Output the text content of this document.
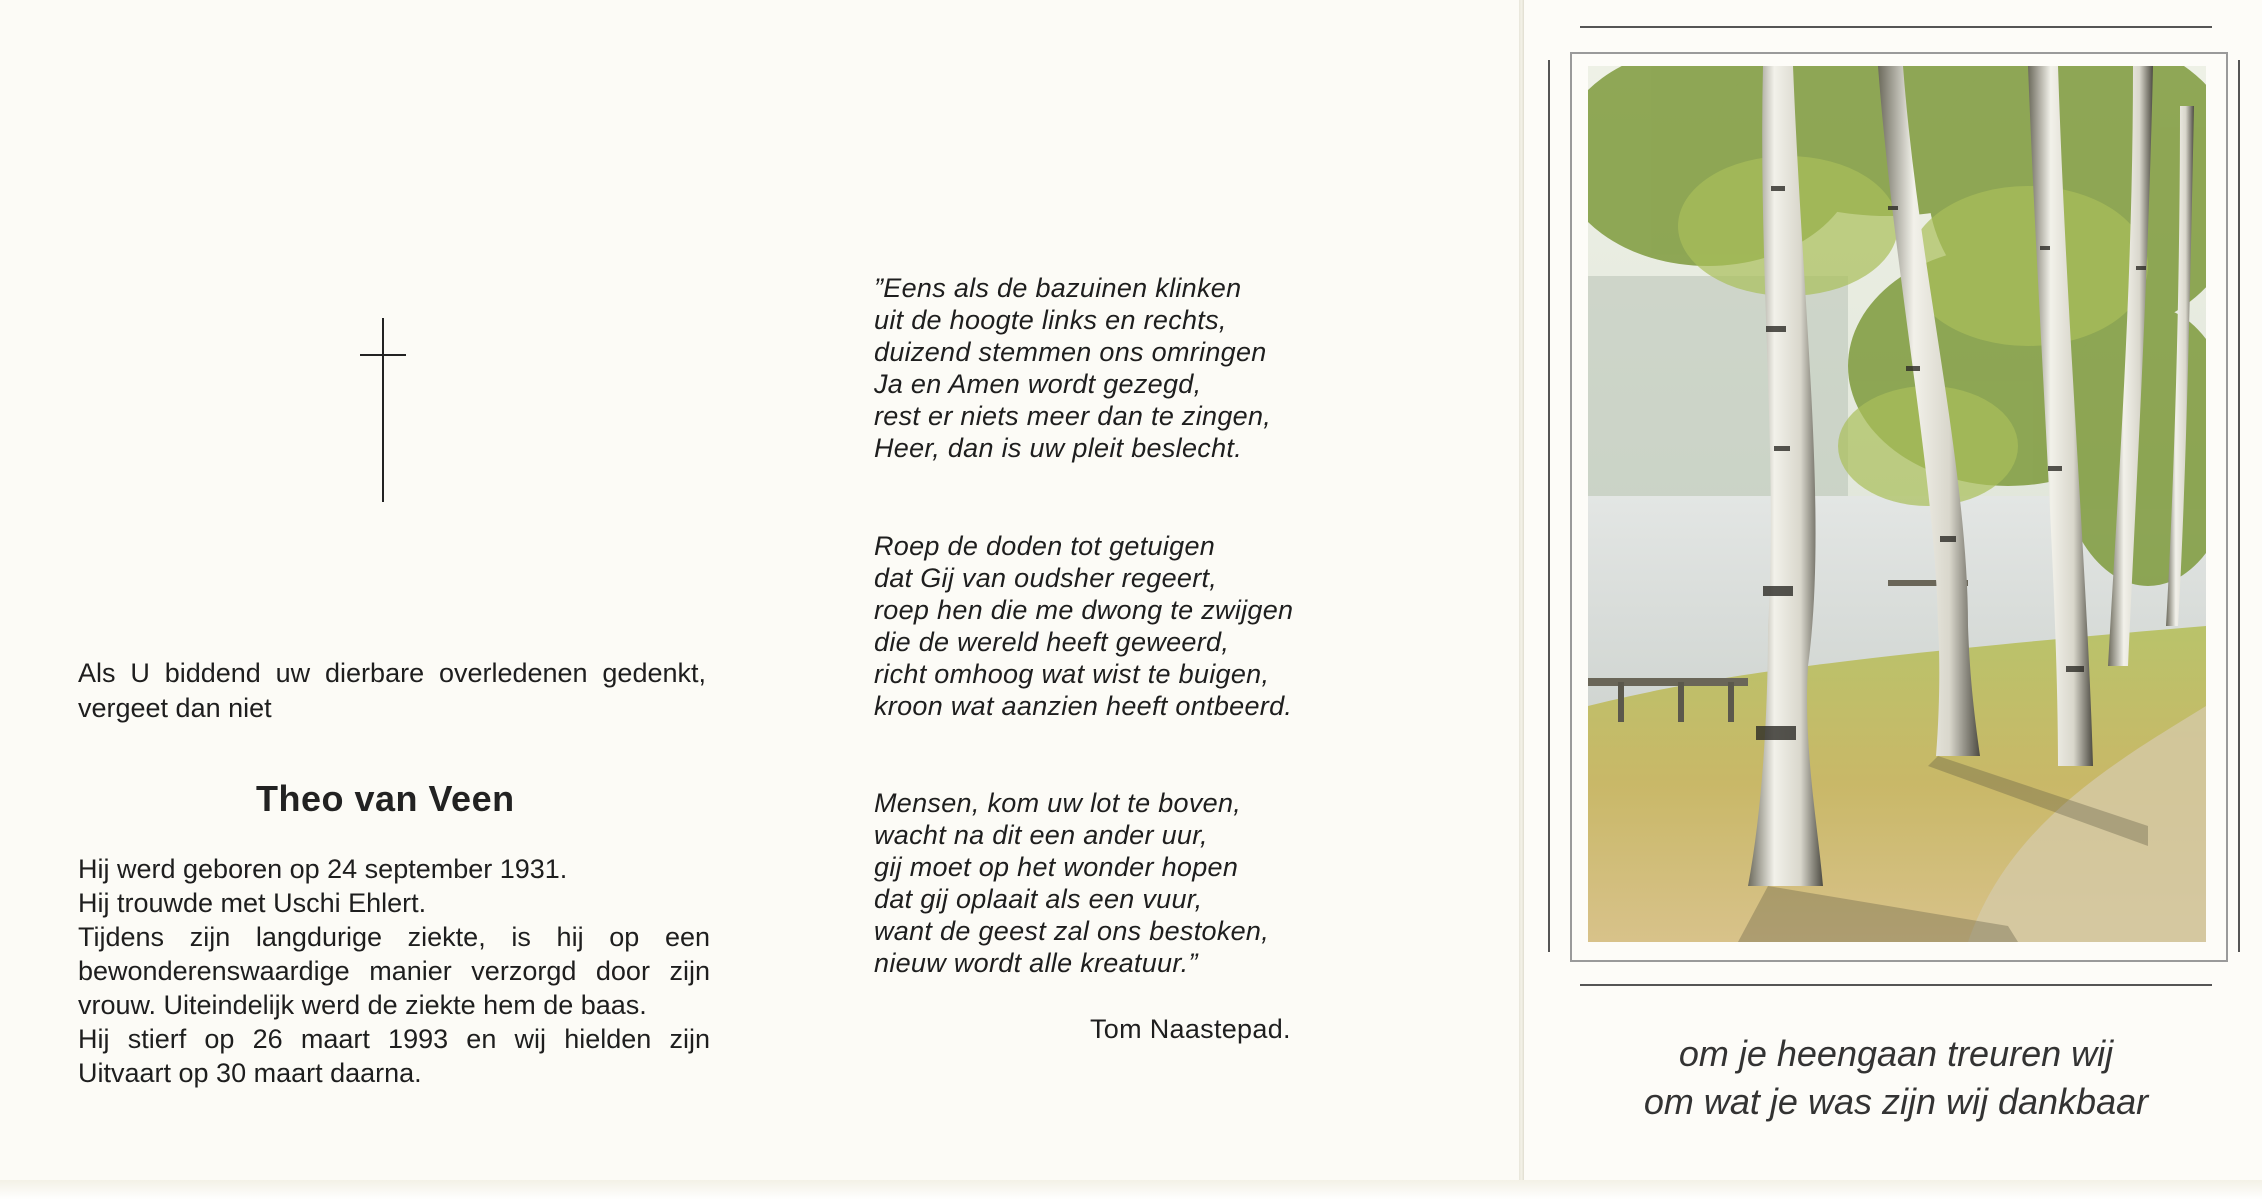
Als U biddend uw dierbare overledenen gedenkt, vergeet dan niet

Theo van Veen

Hij werd geboren op 24 september 1931.
Hij trouwde met Uschi Ehlert.
Tijdens zijn langdurige ziekte, is hij op een bewonderenswaardige manier verzorgd door zijn vrouw. Uiteindelijk werd de ziekte hem de baas.
Hij stierf op 26 maart 1993 en wij hielden zijn Uitvaart op 30 maart daarna.

”Eens als de bazuinen klinken
uit de hoogte links en rechts,
duizend stemmen ons omringen
Ja en Amen wordt gezegd,
rest er niets meer dan te zingen,
Heer, dan is uw pleit beslecht.

Roep de doden tot getuigen
dat Gij van oudsher regeert,
roep hen die me dwong te zwijgen
die de wereld heeft geweerd,
richt omhoog wat wist te buigen,
kroon wat aanzien heeft ontbeerd.

Mensen, kom uw lot te boven,
wacht na dit een ander uur,
gij moet op het wonder hopen
dat gij oplaait als een vuur,
want de geest zal ons bestoken,
nieuw wordt alle kreatuur.”

Tom Naastepad.

om je heengaan treuren wij
om wat je was zijn wij dankbaar
